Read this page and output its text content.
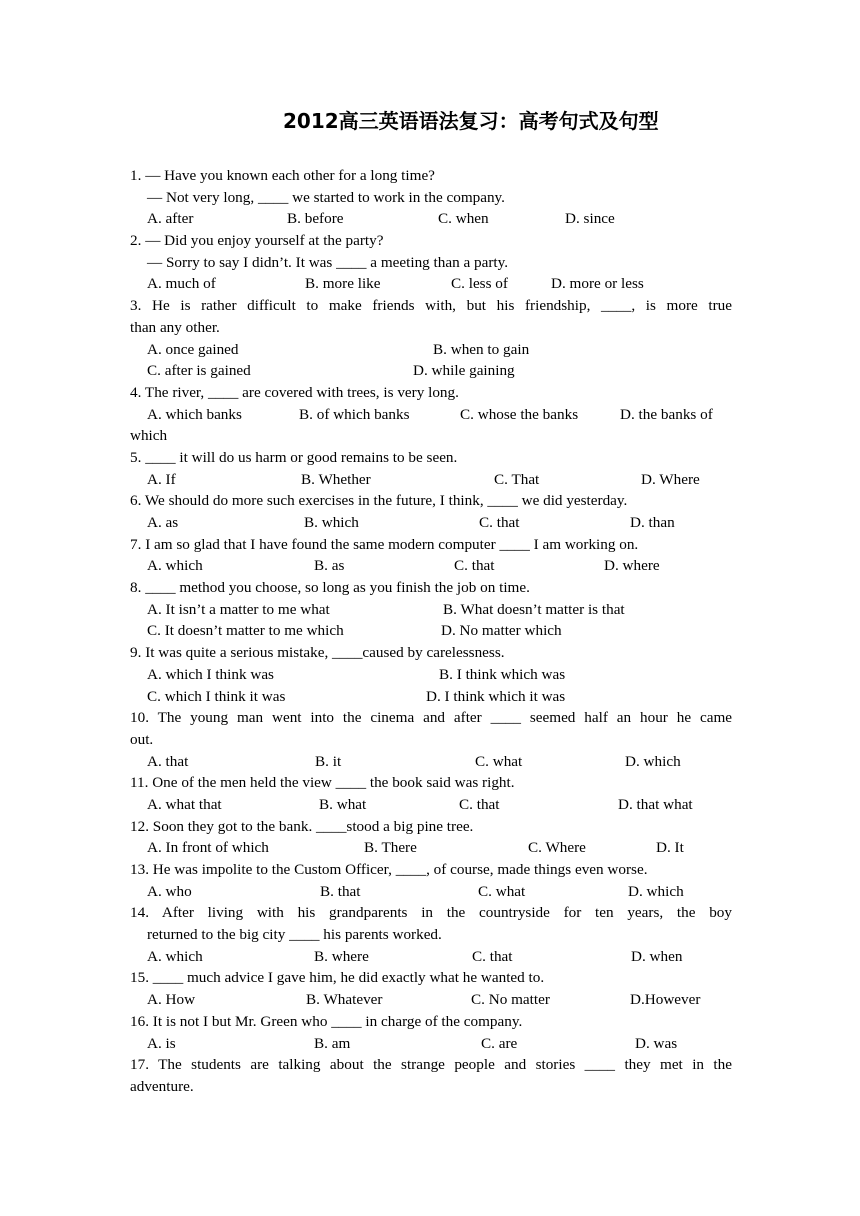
2012高三英语语法复习：高考句式及句型
1. — Have you known each other for a long time?
— Not very long, ____ we started to work in the company.
A. after	B. before	C. when	D. since
2. — Did you enjoy yourself at the party?
— Sorry to say I didn’t. It was ____ a meeting than a party.
A. much of	B. more like	C. less of	D. more or less
3. He is rather difficult to make friends with, but his friendship, ____, is more true
than any other.
A. once gained	B. when to gain
C. after is gained	D. while gaining
4. The river, ____ are covered with trees, is very long.
A. which banks	B. of which banks	C. whose the banks	D. the banks of
which
5. ____ it will do us harm or good remains to be seen.
A. If	B. Whether	C. That	D. Where
6. We should do more such exercises in the future, I think, ____ we did yesterday.
A. as	B. which	C. that	D. than
7. I am so glad that I have found the same modern computer ____ I am working on.
A. which	B. as	C. that	D. where
8. ____ method you choose, so long as you finish the job on time.
A. It isn’t a matter to me what	B. What doesn’t matter is that
C. It doesn’t matter to me which	D. No matter which
9. It was quite a serious mistake, ____caused by carelessness.
A. which I think was	B. I think which was
C. which I think it was	D. I think which it was
10. The young man went into the cinema and after ____ seemed half an hour he came
out.
A. that	B. it	C. what	D. which
11. One of the men held the view ____ the book said was right.
A. what that	B. what	C. that	D. that what
12. Soon they got to the bank. ____stood a big pine tree.
A. In front of which	B. There	C. Where	D. It
13. He was impolite to the Custom Officer, ____, of course, made things even worse.
A. who	B. that	C. what	D. which
14. After living with his grandparents in the countryside for ten years, the boy
returned to the big city ____ his parents worked.
A. which	B. where	C. that	D. when
15. ____ much advice I gave him, he did exactly what he wanted to.
A. How	B. Whatever	C. No matter	D.However
16. It is not I but Mr. Green who ____ in charge of the company.
A. is	B. am	C. are	D. was
17. The students are talking about the strange people and stories ____ they met in the
adventure.
